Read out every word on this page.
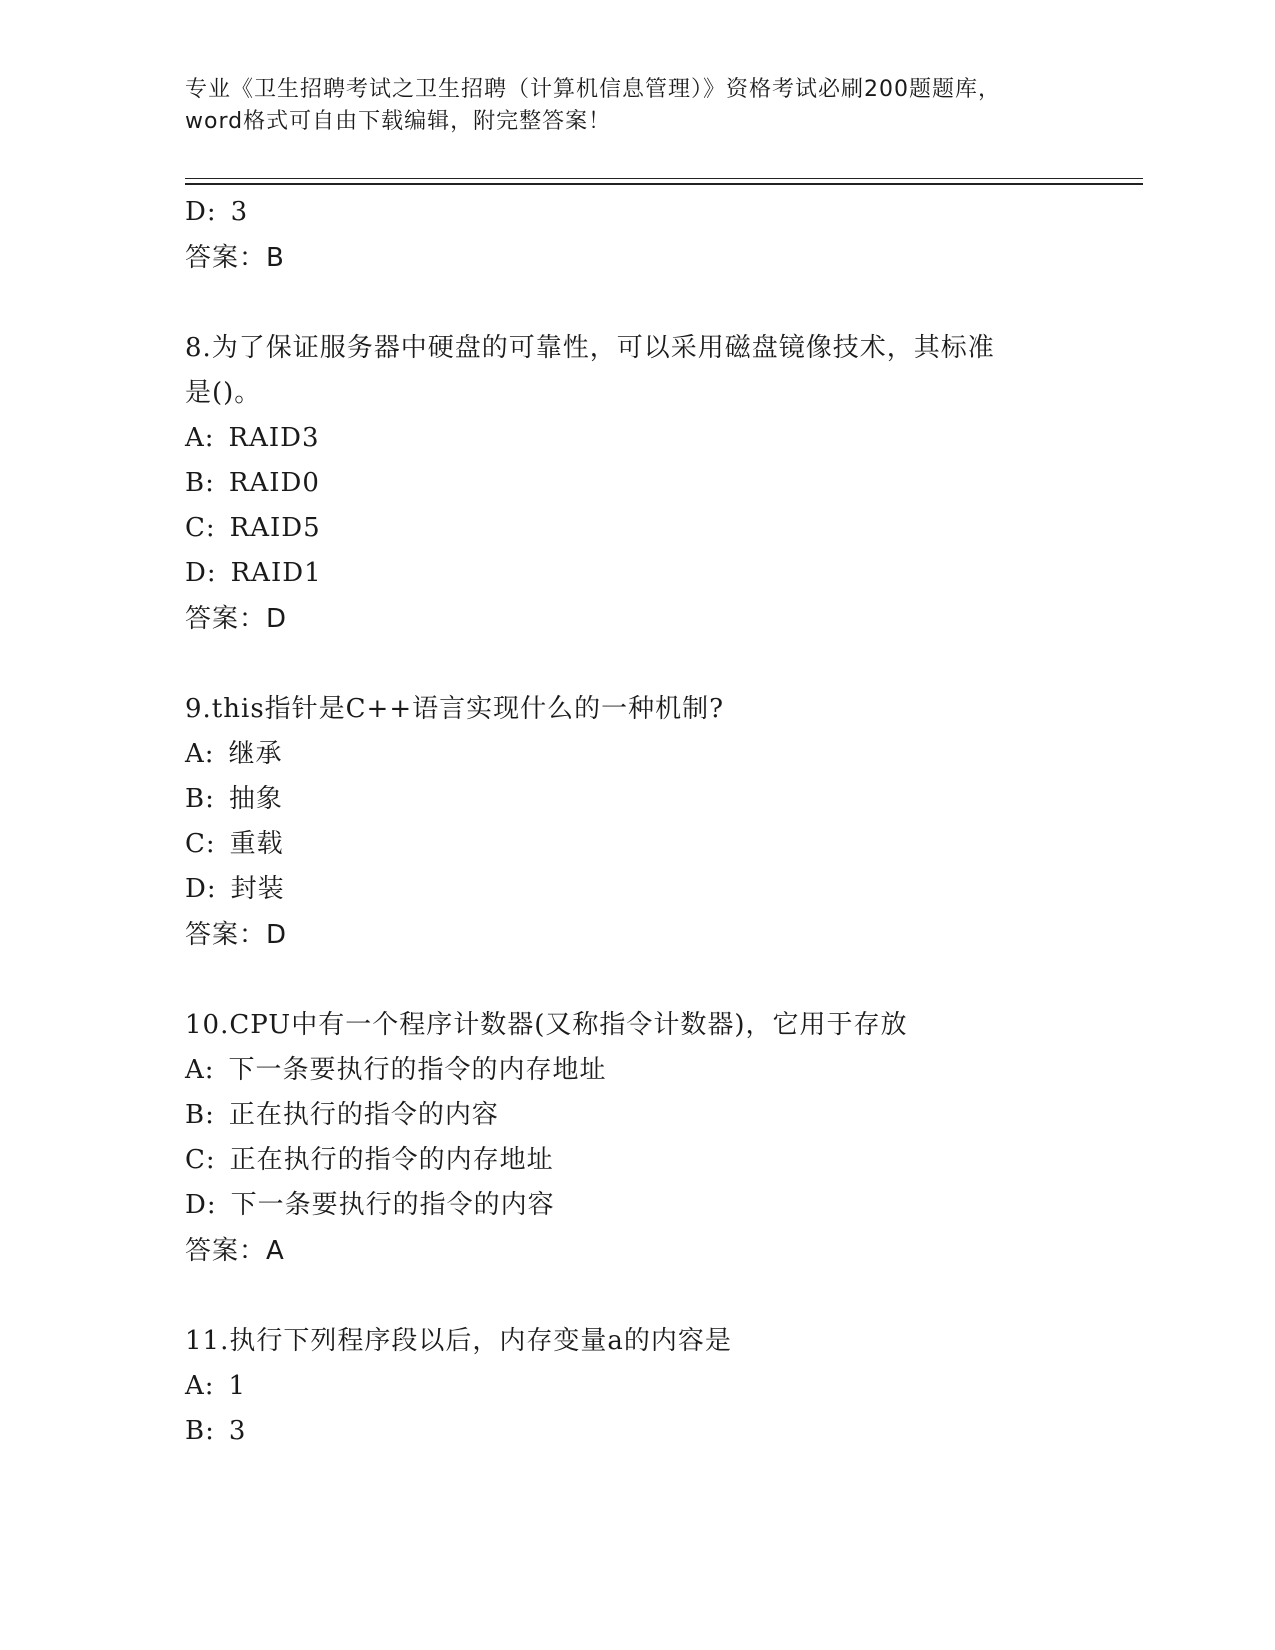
专业《卫生招聘考试之卫生招聘（计算机信息管理）》资格考试必刷200题题库，
word格式可自由下载编辑，附完整答案！
D: 3
答案：B
8.为了保证服务器中硬盘的可靠性，可以采用磁盘镜像技术，其标准
是()。
A: RAID3
B: RAID0
C: RAID5
D: RAID1
答案：D
9.this指针是C++语言实现什么的一种机制?
A: 继承
B: 抽象
C: 重载
D: 封装
答案：D
10.CPU中有一个程序计数器(又称指令计数器)，它用于存放
A: 下一条要执行的指令的内存地址
B: 正在执行的指令的内容
C: 正在执行的指令的内存地址
D: 下一条要执行的指令的内容
答案：A
11.执行下列程序段以后，内存变量a的内容是
A: 1
B: 3
